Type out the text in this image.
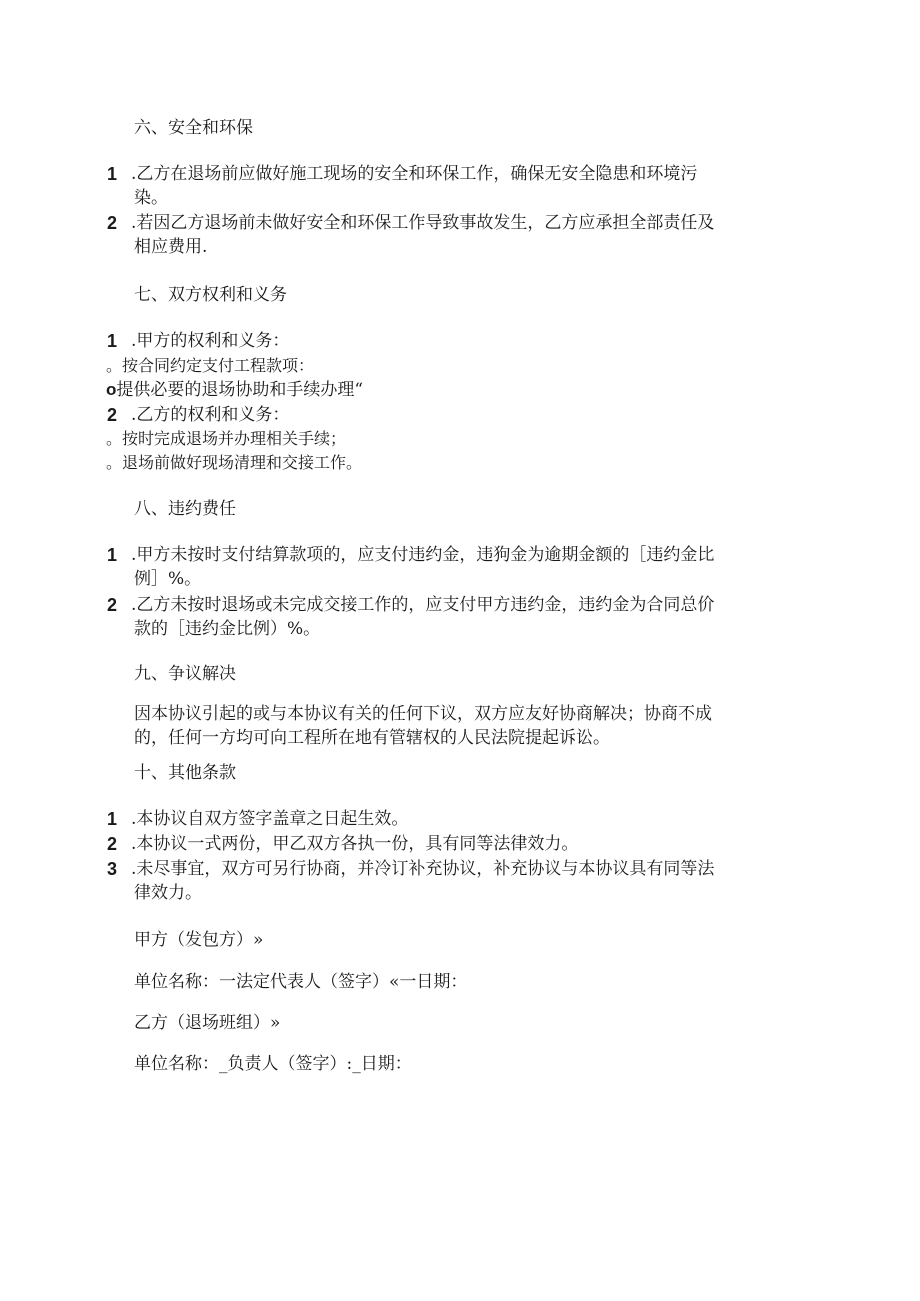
六、安全和环保
1 .乙方在退场前应做好施工现场的安全和环保工作，确保无安全隐患和环境污
染。
2 .若因乙方退场前未做好安全和环保工作导致事故发生，乙方应承担全部责任及
相应费用.
七、双方权利和义务
1 .甲方的权利和义务：
。按合同约定支付工程款项：
o提供必要的退场协助和手续办理“
2 .乙方的权利和义务：
。按时完成退场并办理相关手续；
。退场前做好现场清理和交接工作。
八、违约费任
1 .甲方未按时支付结算款项的，应支付违约金，违狗金为逾期金额的［违约金比
例］%。
2 .乙方未按时退场或未完成交接工作的，应支付甲方违约金，违约金为合同总价
款的［违约金比例）%。
九、争议解决
因本协议引起的或与本协议有关的任何下议，双方应友好协商解决；协商不成
的，任何一方均可向工程所在地有管辖权的人民法院提起诉讼。
十、其他条款
1 .本协议自双方签字盖章之日起生效。
2 .本协议一式两份，甲乙双方各执一份，具有同等法律效力。
3 .未尽事宜，双方可另行协商，并冷订补充协议，补充协议与本协议具有同等法
律效力。
甲方（发包方）»
单位名称：一法定代表人（签字）«一日期：
乙方（退场班组）»
单位名称：_负责人（签字）:_日期：
